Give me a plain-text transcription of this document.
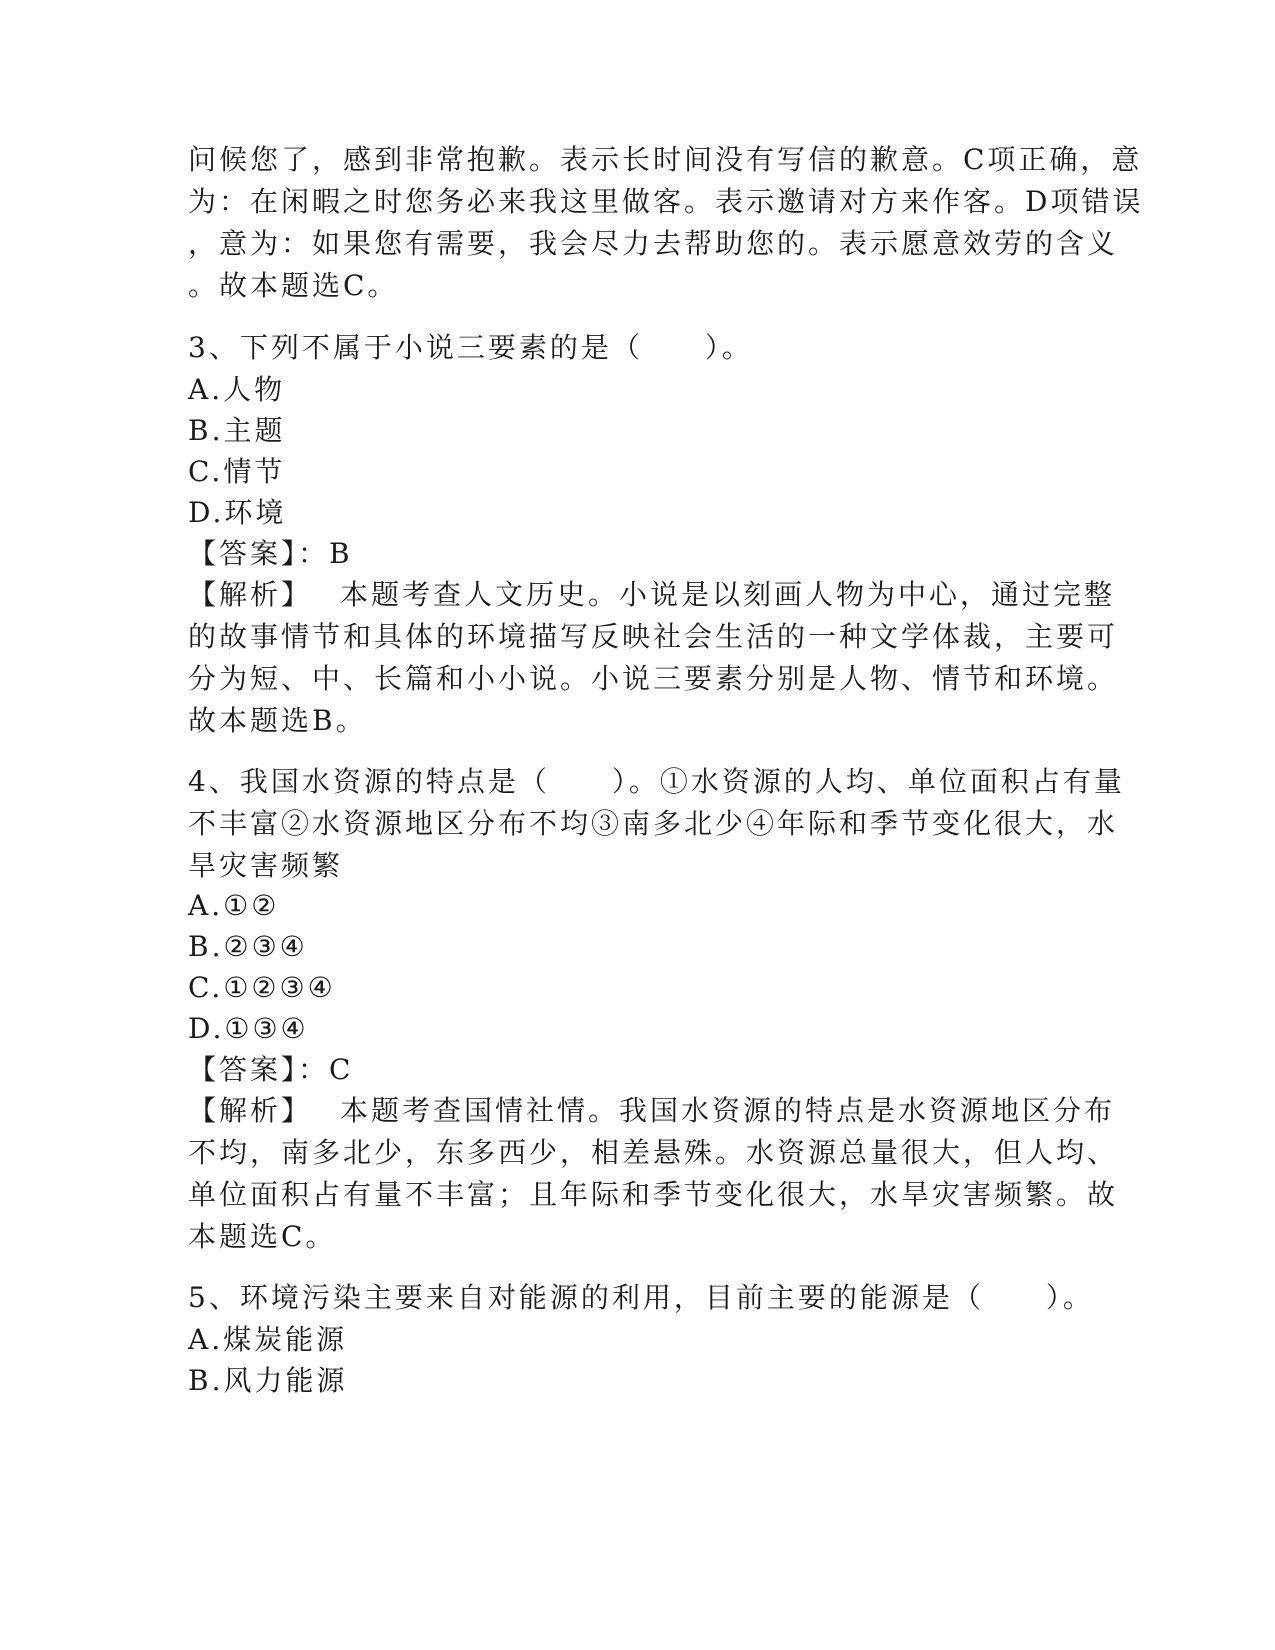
问候您了，感到非常抱歉。表示长时间没有写信的歉意。C项正确，意
为：在闲暇之时您务必来我这里做客。表示邀请对方来作客。D项错误
，意为：如果您有需要，我会尽力去帮助您的。表示愿意效劳的含义
。故本题选C。
3、下列不属于小说三要素的是（　　）。
A.人物
B.主题
C.情节
D.环境
【答案】：B
【解析】 本题考查人文历史。小说是以刻画人物为中心，通过完整
的故事情节和具体的环境描写反映社会生活的一种文学体裁，主要可
分为短、中、长篇和小小说。小说三要素分别是人物、情节和环境。
故本题选B。
4、我国水资源的特点是（　　）。①水资源的人均、单位面积占有量
不丰富②水资源地区分布不均③南多北少④年际和季节变化很大，水
旱灾害频繁
A.①②
B.②③④
C.①②③④
D.①③④
【答案】：C
【解析】 本题考查国情社情。我国水资源的特点是水资源地区分布
不均，南多北少，东多西少，相差悬殊。水资源总量很大，但人均、
单位面积占有量不丰富；且年际和季节变化很大，水旱灾害频繁。故
本题选C。
5、环境污染主要来自对能源的利用，目前主要的能源是（　　）。
A.煤炭能源
B.风力能源
